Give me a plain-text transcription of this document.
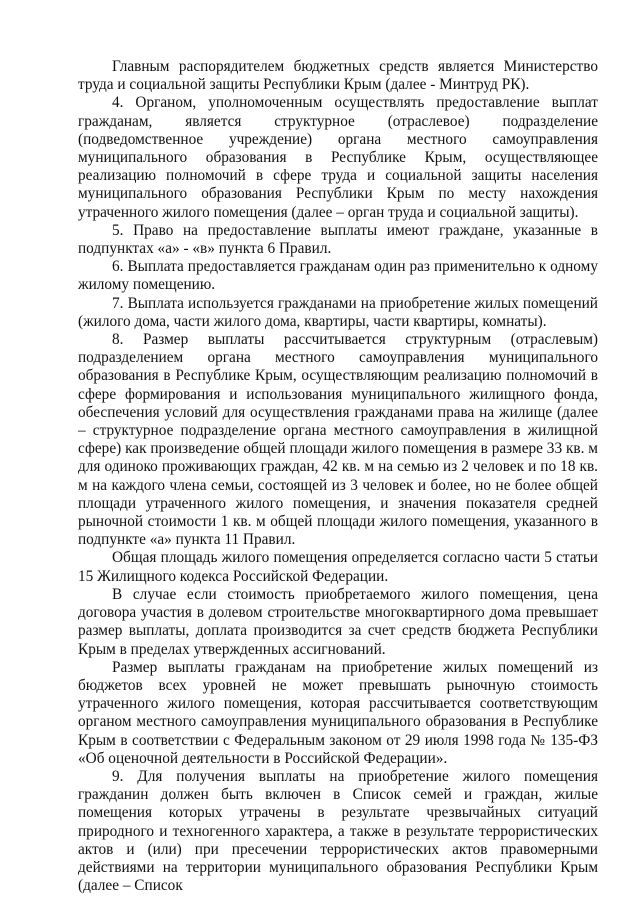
Главным распорядителем бюджетных средств является Министерство труда и социальной защиты Республики Крым (далее - Минтруд РК).

4. Органом, уполномоченным осуществлять предоставление выплат гражданам, является структурное (отраслевое) подразделение (подведомственное учреждение) органа местного самоуправления муниципального образования в Республике Крым, осуществляющее реализацию полномочий в сфере труда и социальной защиты населения муниципального образования Республики Крым по месту нахождения утраченного жилого помещения (далее – орган труда и социальной защиты).

5. Право на предоставление выплаты имеют граждане, указанные в подпунктах «а» - «в» пункта 6 Правил.

6. Выплата предоставляется гражданам один раз применительно к одному жилому помещению.

7. Выплата используется гражданами на приобретение жилых помещений (жилого дома, части жилого дома, квартиры, части квартиры, комнаты).

8. Размер выплаты рассчитывается структурным (отраслевым) подразделением органа местного самоуправления муниципального образования в Республике Крым, осуществляющим реализацию полномочий в сфере формирования и использования муниципального жилищного фонда, обеспечения условий для осуществления гражданами права на жилище (далее – структурное подразделение органа местного самоуправления в жилищной сфере) как произведение общей площади жилого помещения в размере 33 кв. м для одиноко проживающих граждан, 42 кв. м на семью из 2 человек и по 18 кв. м на каждого члена семьи, состоящей из 3 человек и более, но не более общей площади утраченного жилого помещения, и значения показателя средней рыночной стоимости 1 кв. м общей площади жилого помещения, указанного в подпункте «а» пункта 11 Правил.

Общая площадь жилого помещения определяется согласно части 5 статьи 15 Жилищного кодекса Российской Федерации.

В случае если стоимость приобретаемого жилого помещения, цена договора участия в долевом строительстве многоквартирного дома превышает размер выплаты, доплата производится за счет средств бюджета Республики Крым в пределах утвержденных ассигнований.

Размер выплаты гражданам на приобретение жилых помещений из бюджетов всех уровней не может превышать рыночную стоимость утраченного жилого помещения, которая рассчитывается соответствующим органом местного самоуправления муниципального образования в Республике Крым в соответствии с Федеральным законом от 29 июля 1998 года № 135-ФЗ «Об оценочной деятельности в Российской Федерации».

9. Для получения выплаты на приобретение жилого помещения гражданин должен быть включен в Список семей и граждан, жилые помещения которых утрачены в результате чрезвычайных ситуаций природного и техногенного характера, а также в результате террористических актов и (или) при пресечении террористических актов правомерными действиями на территории муниципального образования Республики Крым (далее – Список
